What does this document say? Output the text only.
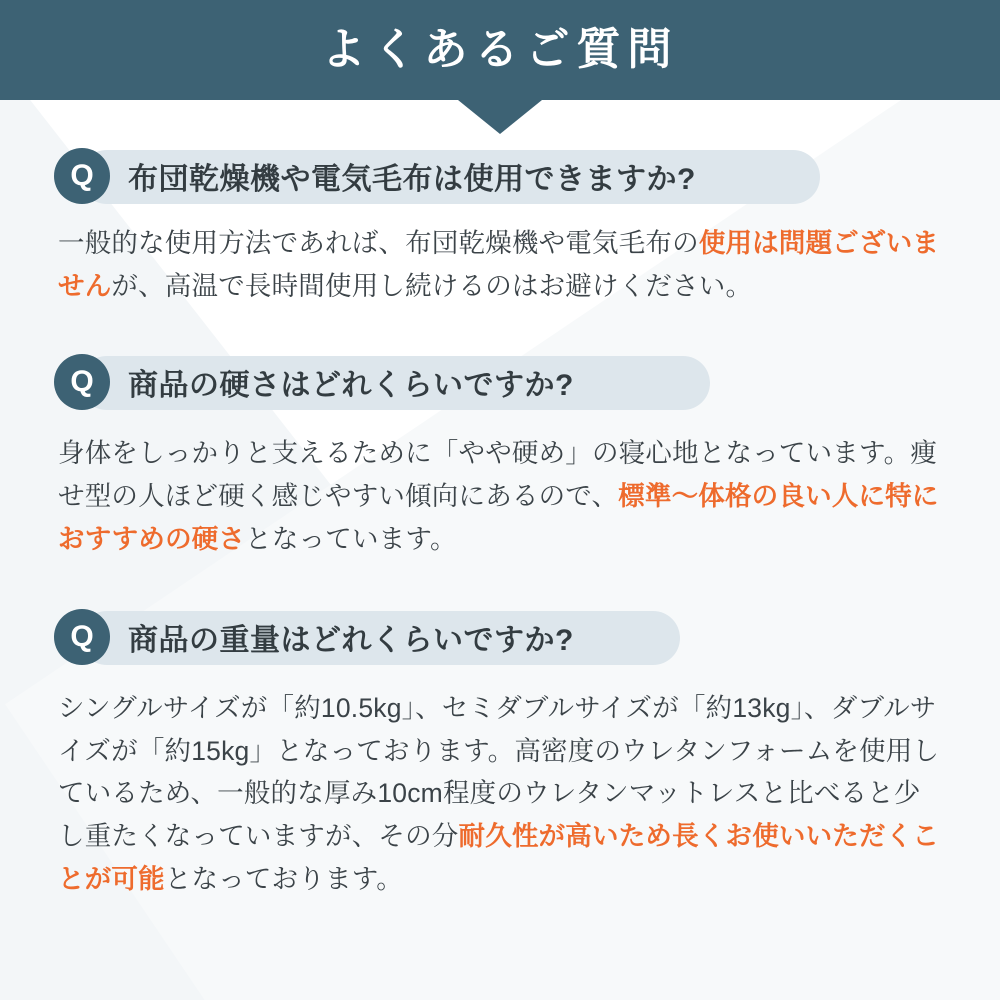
よくあるご質問
Q	布団乾燥機や電気毛布は使用できますか?
一般的な使用方法であれば、布団乾燥機や電気毛布の使用は問題ございませんが、高温で長時間使用し続けるのはお避けください。
Q	商品の硬さはどれくらいですか?
身体をしっかりと支えるために「やや硬め」の寝心地となっています。痩せ型の人ほど硬く感じやすい傾向にあるので、標準〜体格の良い人に特におすすめの硬さとなっています。
Q	商品の重量はどれくらいですか?
シングルサイズが「約10.5kg」、セミダブルサイズが「約13kg」、ダブルサイズが「約15kg」となっております。高密度のウレタンフォームを使用しているため、一般的な厚み10cm程度のウレタンマットレスと比べると少し重たくなっていますが、その分耐久性が高いため長くお使いいただくことが可能となっております。
